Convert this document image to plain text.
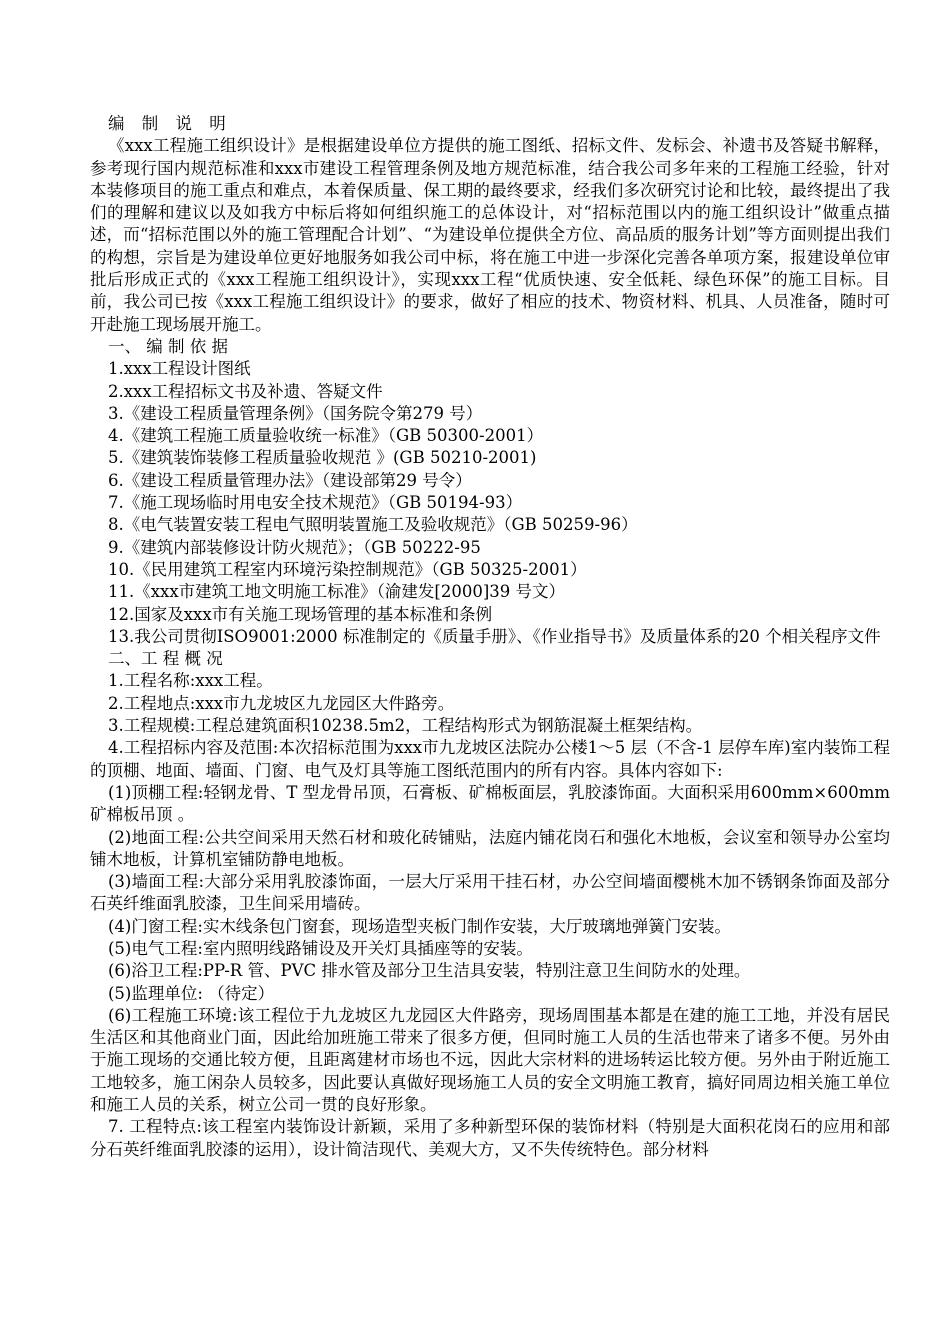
编 制 说 明

《xxx工程施工组织设计》是根据建设单位方提供的施工图纸、招标文件、发标会、补遗书及答疑书解释，参考现行国内规范标准和xxx市建设工程管理条例及地方规范标准，结合我公司多年来的工程施工经验，针对本装修项目的施工重点和难点，本着保质量、保工期的最终要求，经我们多次研究讨论和比较，最终提出了我们的理解和建议以及如我方中标后将如何组织施工的总体设计，对“招标范围以内的施工组织设计”做重点描述，而“招标范围以外的施工管理配合计划”、“为建设单位提供全方位、高品质的服务计划”等方面则提出我们的构想，宗旨是为建设单位更好地服务如我公司中标，将在施工中进一步深化完善各单项方案，报建设单位审批后形成正式的《xxx工程施工组织设计》，实现xxx工程“优质快速、安全低耗、绿色环保”的施工目标。目前，我公司已按《xxx工程施工组织设计》的要求，做好了相应的技术、物资材料、机具、人员准备，随时可开赴施工现场展开施工。

一、 编 制 依 据

1.xxx工程设计图纸

2.xxx工程招标文书及补遗、答疑文件

3.《建设工程质量管理条例》（国务院令第279 号）

4.《建筑工程施工质量验收统一标准》（GB 50300-2001）

5.《建筑装饰装修工程质量验收规范 》(GB 50210-2001)

6.《建设工程质量管理办法》（建设部第29 号令）

7.《施工现场临时用电安全技术规范》（GB 50194-93）

8.《电气装置安装工程电气照明装置施工及验收规范》（GB 50259-96）

9.《建筑内部装修设计防火规范》；（GB 50222-95

10.《民用建筑工程室内环境污染控制规范》（GB 50325-2001）

11.《xxx市建筑工地文明施工标准》（渝建发[2000]39 号文）

12.国家及xxx市有关施工现场管理的基本标准和条例

13.我公司贯彻ISO9001:2000 标准制定的《质量手册》、《作业指导书》及质量体系的20 个相关程序文件

二、工 程 概 况

1.工程名称:xxx工程。

2.工程地点:xxx市九龙坡区九龙园区大件路旁。

3.工程规模:工程总建筑面积10238.5m2，工程结构形式为钢筋混凝土框架结构。

4.工程招标内容及范围:本次招标范围为xxx市九龙坡区法院办公楼1～5 层（不含-1 层停车库)室内装饰工程的顶棚、地面、墙面、门窗、电气及灯具等施工图纸范围内的所有内容。具体内容如下:

(1)顶棚工程:轻钢龙骨、T 型龙骨吊顶，石膏板、矿棉板面层，乳胶漆饰面。大面积采用600mm×600mm 矿棉板吊顶 。

(2)地面工程:公共空间采用天然石材和玻化砖铺贴，法庭内铺花岗石和强化木地板，会议室和领导办公室均铺木地板，计算机室铺防静电地板。

(3)墙面工程:大部分采用乳胶漆饰面，一层大厅采用干挂石材，办公空间墙面樱桃木加不锈钢条饰面及部分石英纤维面乳胶漆，卫生间采用墙砖。

(4)门窗工程:实木线条包门窗套，现场造型夹板门制作安装，大厅玻璃地弹簧门安装。

(5)电气工程:室内照明线路铺设及开关灯具插座等的安装。

(6)浴卫工程:PP-R 管、PVC 排水管及部分卫生洁具安装，特别注意卫生间防水的处理。

(5)监理单位: （待定）

(6)工程施工环境:该工程位于九龙坡区九龙园区大件路旁，现场周围基本都是在建的施工工地，并没有居民生活区和其他商业门面，因此给加班施工带来了很多方便，但同时施工人员的生活也带来了诸多不便。另外由于施工现场的交通比较方便，且距离建材市场也不远，因此大宗材料的进场转运比较方便。另外由于附近施工工地较多，施工闲杂人员较多，因此要认真做好现场施工人员的安全文明施工教育，搞好同周边相关施工单位和施工人员的关系，树立公司一贯的良好形象。

7. 工程特点:该工程室内装饰设计新颖，采用了多种新型环保的装饰材料（特别是大面积花岗石的应用和部分石英纤维面乳胶漆的运用），设计简洁现代、美观大方，又不失传统特色。部分材料
